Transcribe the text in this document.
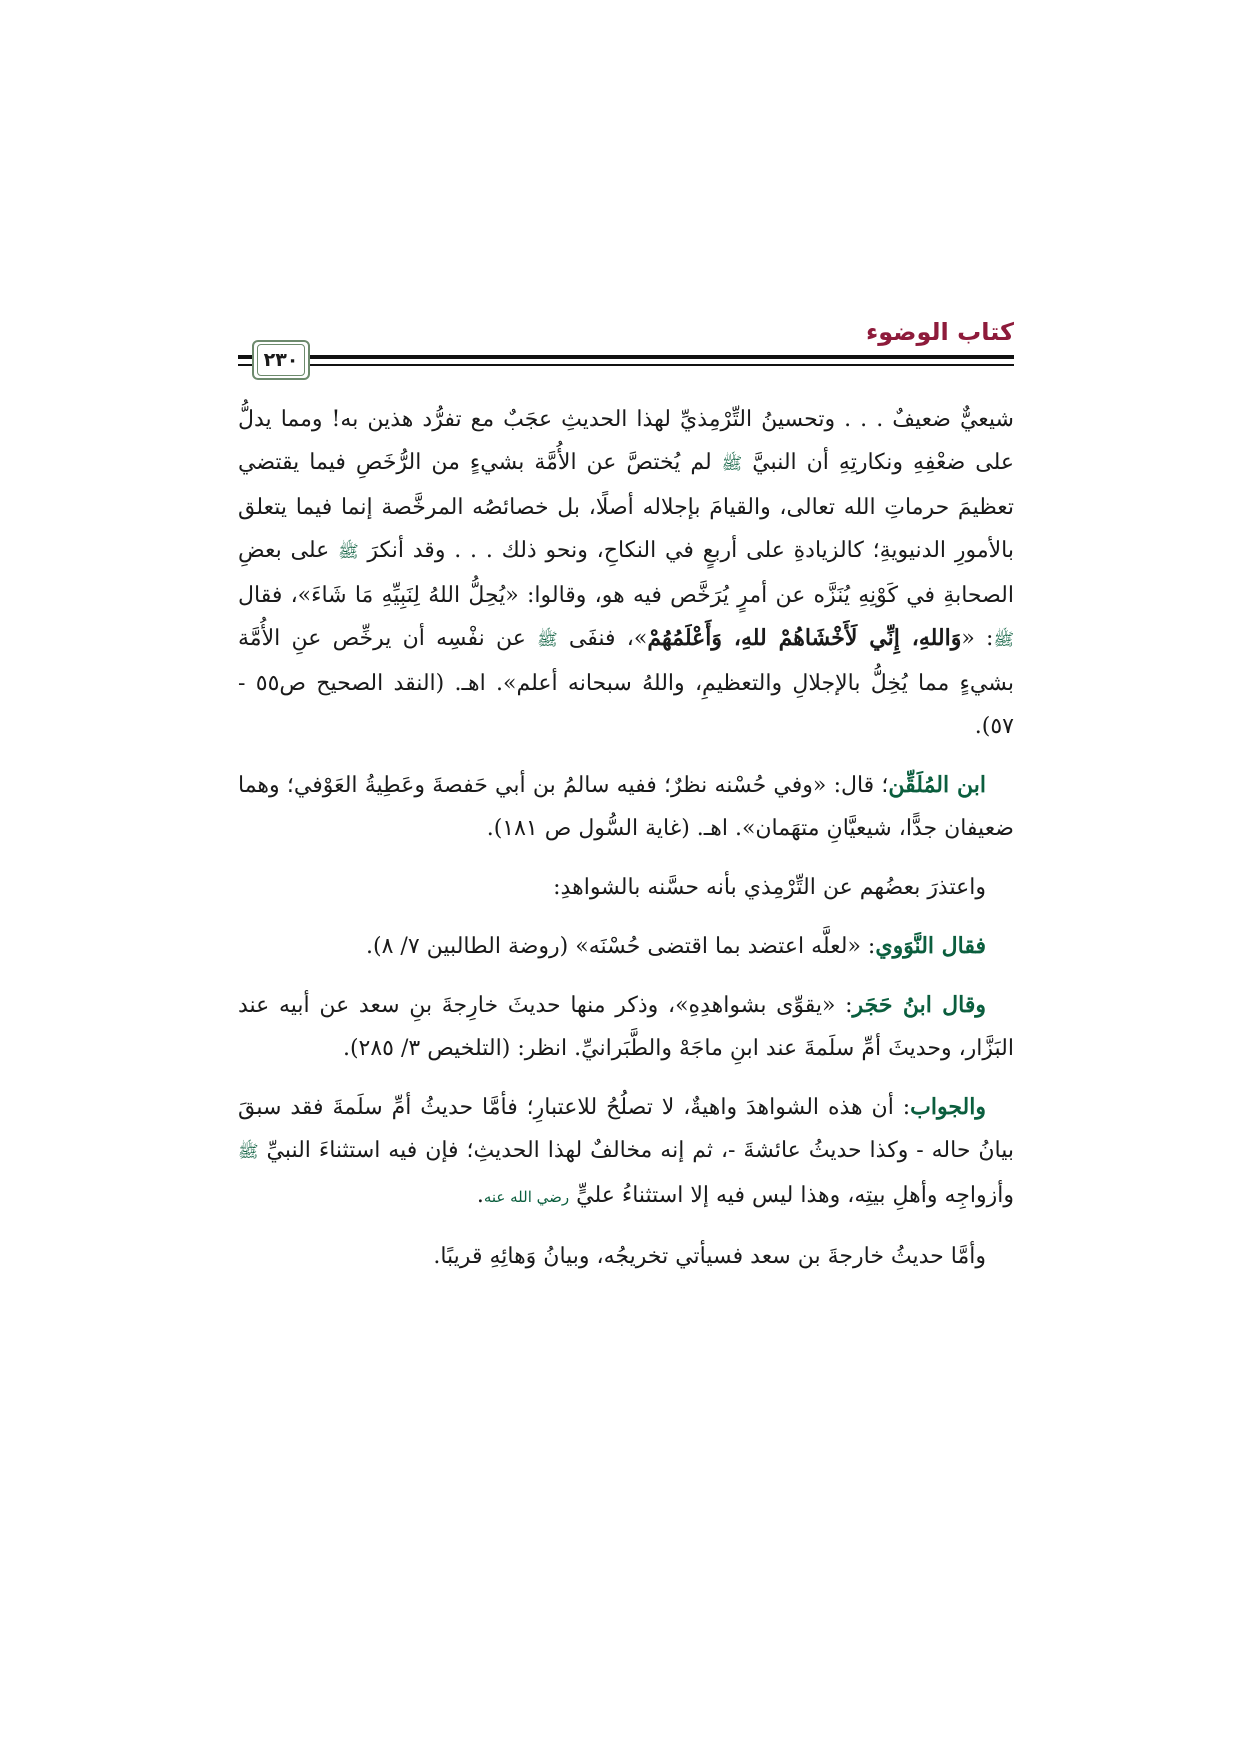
كتاب الوضوء
٢٣٠

شيعيٌّ ضعيفٌ . . . وتحسينُ التِّرْمِذيِّ لهذا الحديثِ عجَبٌ مع تفرُّد هذين به! ومما يدلُّ على ضعْفِهِ ونكارتِهِ أن النبيَّ ﷺ لم يُختصَّ عن الأُمَّة بشيءٍ من الرُّخَصِ فيما يقتضي تعظيمَ حرماتِ الله تعالى، والقيامَ بإجلاله أصلًا، بل خصائصُه المرخَّصة إنما فيما يتعلق بالأمورِ الدنيويةِ؛ كالزيادةِ على أربعٍ في النكاحِ، ونحو ذلك . . . وقد أنكرَ ﷺ على بعضِ الصحابةِ في كَوْنِهِ يُنَزَّه عن أمرٍ يُرَخَّص فيه هو، وقالوا: «يُحِلُّ اللهُ لِنَبِيِّهِ مَا شَاءَ»، فقال ﷺ: «وَاللهِ، إِنِّي لَأَخْشَاهُمْ للهِ، وَأَعْلَمُهُمْ»، فنفَى ﷺ عن نفْسِه أن يرخِّص عنِ الأُمَّة بشيءٍ مما يُخِلُّ بالإجلالِ والتعظيمِ، واللهُ سبحانه أعلم». اهـ. (النقد الصحيح ص٥٥ - ٥٧).

ابن المُلَقِّن؛ قال: «وفي حُسْنه نظرٌ؛ ففيه سالمُ بن أبي حَفصةَ وعَطِيةُ العَوْفي؛ وهما ضعيفان جدًّا، شيعيَّانِ متهَمان». اهـ. (غاية السُّول ص ١٨١).

واعتذرَ بعضُهم عن التِّرْمِذي بأنه حسَّنه بالشواهدِ:

فقال النَّوَوي: «لعلَّه اعتضد بما اقتضى حُسْنَه» (روضة الطالبين ٧/ ٨).

وقال ابنُ حَجَر: «يقوِّى بشواهدِهِ»، وذكر منها حديثَ خارِجةَ بنِ سعد عن أبيه عند البَزَّار، وحديثَ أمِّ سلَمةَ عند ابنِ ماجَهْ والطَّبَرانيِّ. انظر: (التلخيص ٣/ ٢٨٥).

والجواب: أن هذه الشواهدَ واهيةٌ، لا تصلُحُ للاعتبارِ؛ فأمَّا حديثُ أمِّ سلَمةَ فقد سبقَ بيانُ حاله - وكذا حديثُ عائشةَ -، ثم إنه مخالفٌ لهذا الحديثِ؛ فإن فيه استثناءَ النبيِّ ﷺ وأزواجِه وأهلِ بيتِه، وهذا ليس فيه إلا استثناءُ عليٍّ رضي الله عنه.

وأمَّا حديثُ خارجةَ بن سعد فسيأتي تخريجُه، وبيانُ وَهائِهِ قريبًا.
